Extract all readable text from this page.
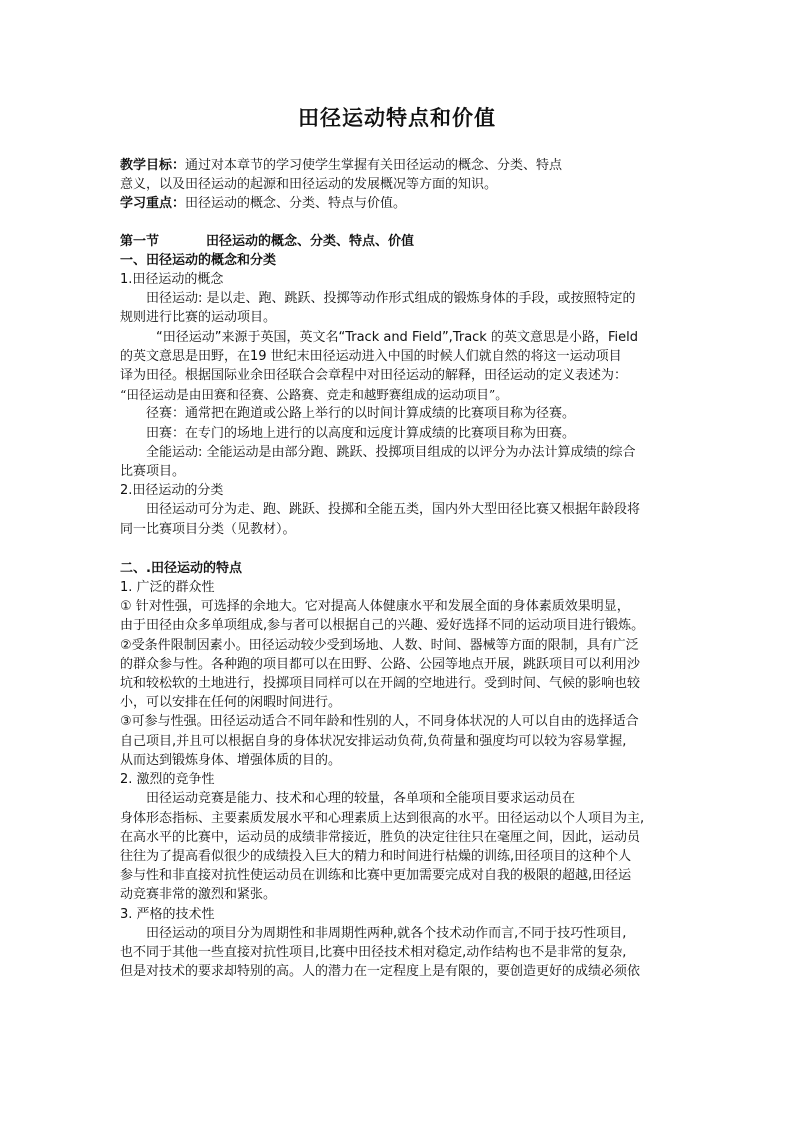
田径运动特点和价值

教学目标：通过对本章节的学习使学生掌握有关田径运动的概念、分类、特点

意义，以及田径运动的起源和田径运动的发展概况等方面的知识。

学习重点：田径运动的概念、分类、特点与价值。

第一节	田径运动的概念、分类、特点、价值

一、田径运动的概念和分类

1.田径运动的概念

田径运动: 是以走、跑、跳跃、投掷等动作形式组成的锻炼身体的手段，或按照特定的

规则进行比赛的运动项目。

“田径运动”来源于英国，英文名“Track and Field”,Track 的英文意思是小路，Field

的英文意思是田野，在19 世纪末田径运动进入中国的时候人们就自然的将这一运动项目

译为田径。根据国际业余田径联合会章程中对田径运动的解释，田径运动的定义表述为：

“田径运动是由田赛和径赛、公路赛、竞走和越野赛组成的运动项目”。

径赛：通常把在跑道或公路上举行的以时间计算成绩的比赛项目称为径赛。

田赛：在专门的场地上进行的以高度和远度计算成绩的比赛项目称为田赛。

全能运动: 全能运动是由部分跑、跳跃、投掷项目组成的以评分为办法计算成绩的综合

比赛项目。

2.田径运动的分类

田径运动可分为走、跑、跳跃、投掷和全能五类，国内外大型田径比赛又根据年龄段将

同一比赛项目分类（见教材）。

二、.田径运动的特点

1. 广泛的群众性

① 针对性强，可选择的余地大。它对提高人体健康水平和发展全面的身体素质效果明显，

由于田径由众多单项组成,参与者可以根据自己的兴趣、爱好选择不同的运动项目进行锻炼。

②受条件限制因素小。田径运动较少受到场地、人数、时间、器械等方面的限制，具有广泛

的群众参与性。各种跑的项目都可以在田野、公路、公园等地点开展，跳跃项目可以利用沙

坑和较松软的土地进行，投掷项目同样可以在开阔的空地进行。受到时间、气候的影响也较

小，可以安排在任何的闲暇时间进行。

③可参与性强。田径运动适合不同年龄和性别的人，不同身体状况的人可以自由的选择适合

自己项目,并且可以根据自身的身体状况安排运动负荷,负荷量和强度均可以较为容易掌握,

从而达到锻炼身体、增强体质的目的。

2. 激烈的竞争性

田径运动竞赛是能力、技术和心理的较量，各单项和全能项目要求运动员在

身体形态指标、主要素质发展水平和心理素质上达到很高的水平。田径运动以个人项目为主,

在高水平的比赛中，运动员的成绩非常接近，胜负的决定往往只在毫厘之间，因此，运动员

往往为了提高看似很少的成绩投入巨大的精力和时间进行枯燥的训练,田径项目的这种个人

参与性和非直接对抗性使运动员在训练和比赛中更加需要完成对自我的极限的超越,田径运

动竞赛非常的激烈和紧张。

3. 严格的技术性

田径运动的项目分为周期性和非周期性两种,就各个技术动作而言,不同于技巧性项目,

也不同于其他一些直接对抗性项目,比赛中田径技术相对稳定,动作结构也不是非常的复杂,

但是对技术的要求却特别的高。人的潜力在一定程度上是有限的，要创造更好的成绩必须依
